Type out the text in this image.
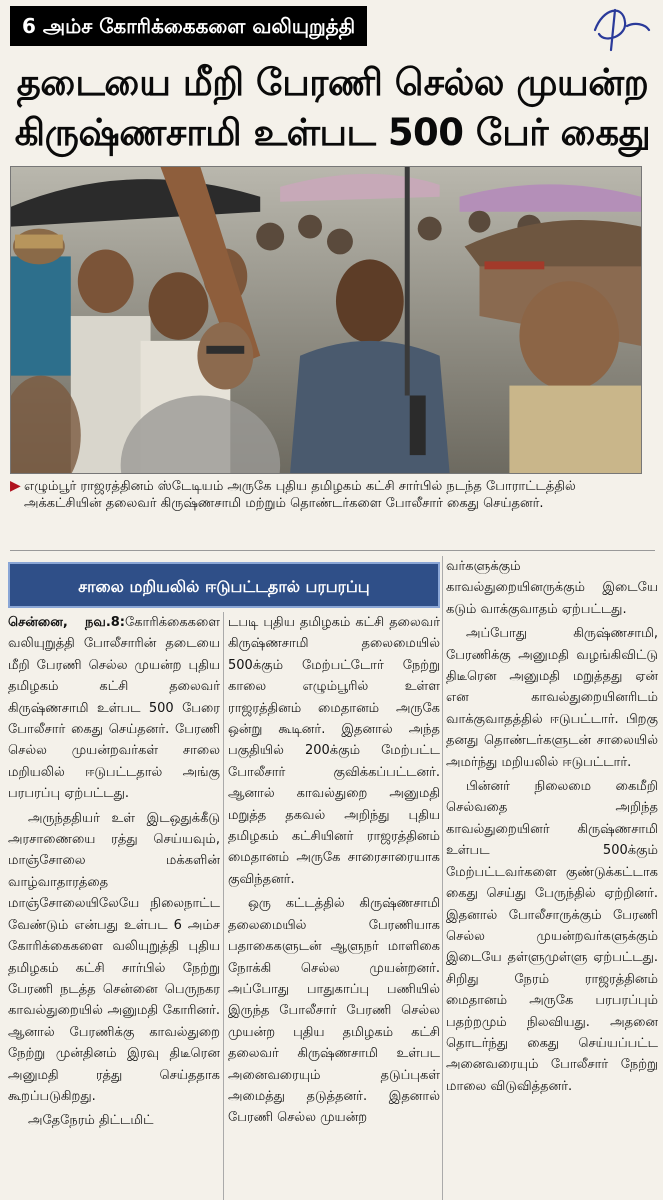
6 அம்ச கோரிக்கைகளை வலியுறுத்தி
தடையை மீறி பேரணி செல்ல முயன்ற
கிருஷ்ணசாமி உள்பட 500 பேர் கைது
▶ எழும்பூர் ராஜரத்தினம் ஸ்டேடியம் அருகே புதிய தமிழகம் கட்சி சார்பில் நடந்த போராட்டத்தில் அக்கட்சியின் தலைவர் கிருஷ்ணசாமி மற்றும் தொண்டர்களை போலீசார் கைது செய்தனர்.
சாலை மறியலில் ஈடுபட்டதால் பரபரப்பு

சென்னை, நவ.8:கோரிக்கைகளை வலியுறுத்தி போலீசாரின் தடையை மீறி பேரணி செல்ல முயன்ற புதிய தமிழகம் கட்சி தலைவர் கிருஷ்ணசாமி உள்பட 500 பேரை போலீசார் கைது செய்தனர். பேரணி செல்ல முயன்றவர்கள் சாலை மறியலில் ஈடுபட்டதால் அங்கு பரபரப்பு ஏற்பட்டது.

அருந்ததியர் உள் இடஒதுக்கீடு அரசாணையை ரத்து செய்யவும், மாஞ்சோலை மக்களின் வாழ்வாதாரத்தை மாஞ்சோலையிலேயே நிலைநாட்ட வேண்டும் என்பது உள்பட 6 அம்ச கோரிக்கைகளை வலியுறுத்தி புதிய தமிழகம் கட்சி சார்பில் நேற்று பேரணி நடத்த சென்னை பெருநகர காவல்துறையில் அனுமதி கோரினர். ஆனால் பேரணிக்கு காவல்துறை நேற்று முன்தினம் இரவு திடீரென அனுமதி ரத்து செய்ததாக கூறப்படுகிறது.

அதேநேரம் திட்டமிட்

டபடி புதிய தமிழகம் கட்சி தலைவர் கிருஷ்ணசாமி தலைமையில் 500க்கும் மேற்பட்டோர் நேற்று காலை எழும்பூரில் உள்ள ராஜரத்தினம் மைதானம் அருகே ஒன்று கூடினர். இதனால் அந்த பகுதியில் 200க்கும் மேற்பட்ட போலீசார் குவிக்கப்பட்டனர். ஆனால் காவல்துறை அனுமதி மறுத்த தகவல் அறிந்து புதிய தமிழகம் கட்சியினர் ராஜரத்தினம் மைதானம் அருகே சாரைசாரையாக குவிந்தனர்.

ஒரு கட்டத்தில் கிருஷ்ணசாமி தலைமையில் பேரணியாக பதாகைகளுடன் ஆளுநர் மாளிகை நோக்கி செல்ல முயன்றனர். அப்போது பாதுகாப்பு பணியில் இருந்த போலீசார் பேரணி செல்ல முயன்ற புதிய தமிழகம் கட்சி தலைவர் கிருஷ்ணசாமி உள்பட அனைவரையும் தடுப்புகள் அமைத்து தடுத்தனர். இதனால் பேரணி செல்ல முயன்ற

வர்களுக்கும் காவல்துறையினருக்கும் இடையே கடும் வாக்குவாதம் ஏற்பட்டது.

அப்போது கிருஷ்ணசாமி, பேரணிக்கு அனுமதி வழங்கிவிட்டு திடீரென அனுமதி மறுத்தது ஏன் என காவல்துறையினரிடம் வாக்குவாதத்தில் ஈடுபட்டார். பிறகு தனது தொண்டர்களுடன் சாலையில் அமர்ந்து மறியலில் ஈடுபட்டார்.

பின்னர் நிலைமை கைமீறி செல்வதை அறிந்த காவல்துறையினர் கிருஷ்ணசாமி உள்பட 500க்கும் மேற்பட்டவர்களை குண்டுக்கட்டாக கைது செய்து பேருந்தில் ஏற்றினர். இதனால் போலீசாருக்கும் பேரணி செல்ல முயன்றவர்களுக்கும் இடையே தள்ளுமுள்ளு ஏற்பட்டது. சிறிது நேரம் ராஜரத்தினம் மைதானம் அருகே பரபரப்பும் பதற்றமும் நிலவியது. அதனை தொடர்ந்து கைது செய்யப்பட்ட அனைவரையும் போலீசார் நேற்று மாலை விடுவித்தனர்.
